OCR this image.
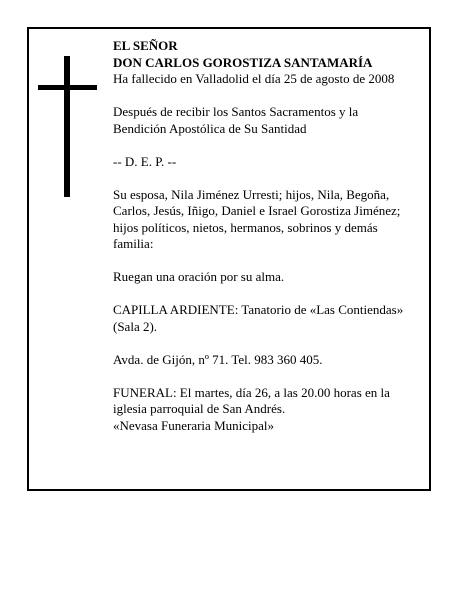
EL SEÑOR
DON CARLOS GOROSTIZA SANTAMARÍA
Ha fallecido en Valladolid el día 25 de agosto de 2008
Después de recibir los Santos Sacramentos y la
Bendición Apostólica de Su Santidad
-- D. E. P. --
Su esposa, Nila Jiménez Urresti; hijos, Nila, Begoña,
Carlos, Jesús, Iñigo, Daniel e Israel Gorostiza Jiménez;
hijos políticos, nietos, hermanos, sobrinos y demás
familia:
Ruegan una oración por su alma.
CAPILLA ARDIENTE: Tanatorio de «Las Contiendas»
(Sala 2).
Avda. de Gijón, nº 71. Tel. 983 360 405.
FUNERAL: El martes, día 26, a las 20.00 horas en la
iglesia parroquial de San Andrés.
«Nevasa Funeraria Municipal»
